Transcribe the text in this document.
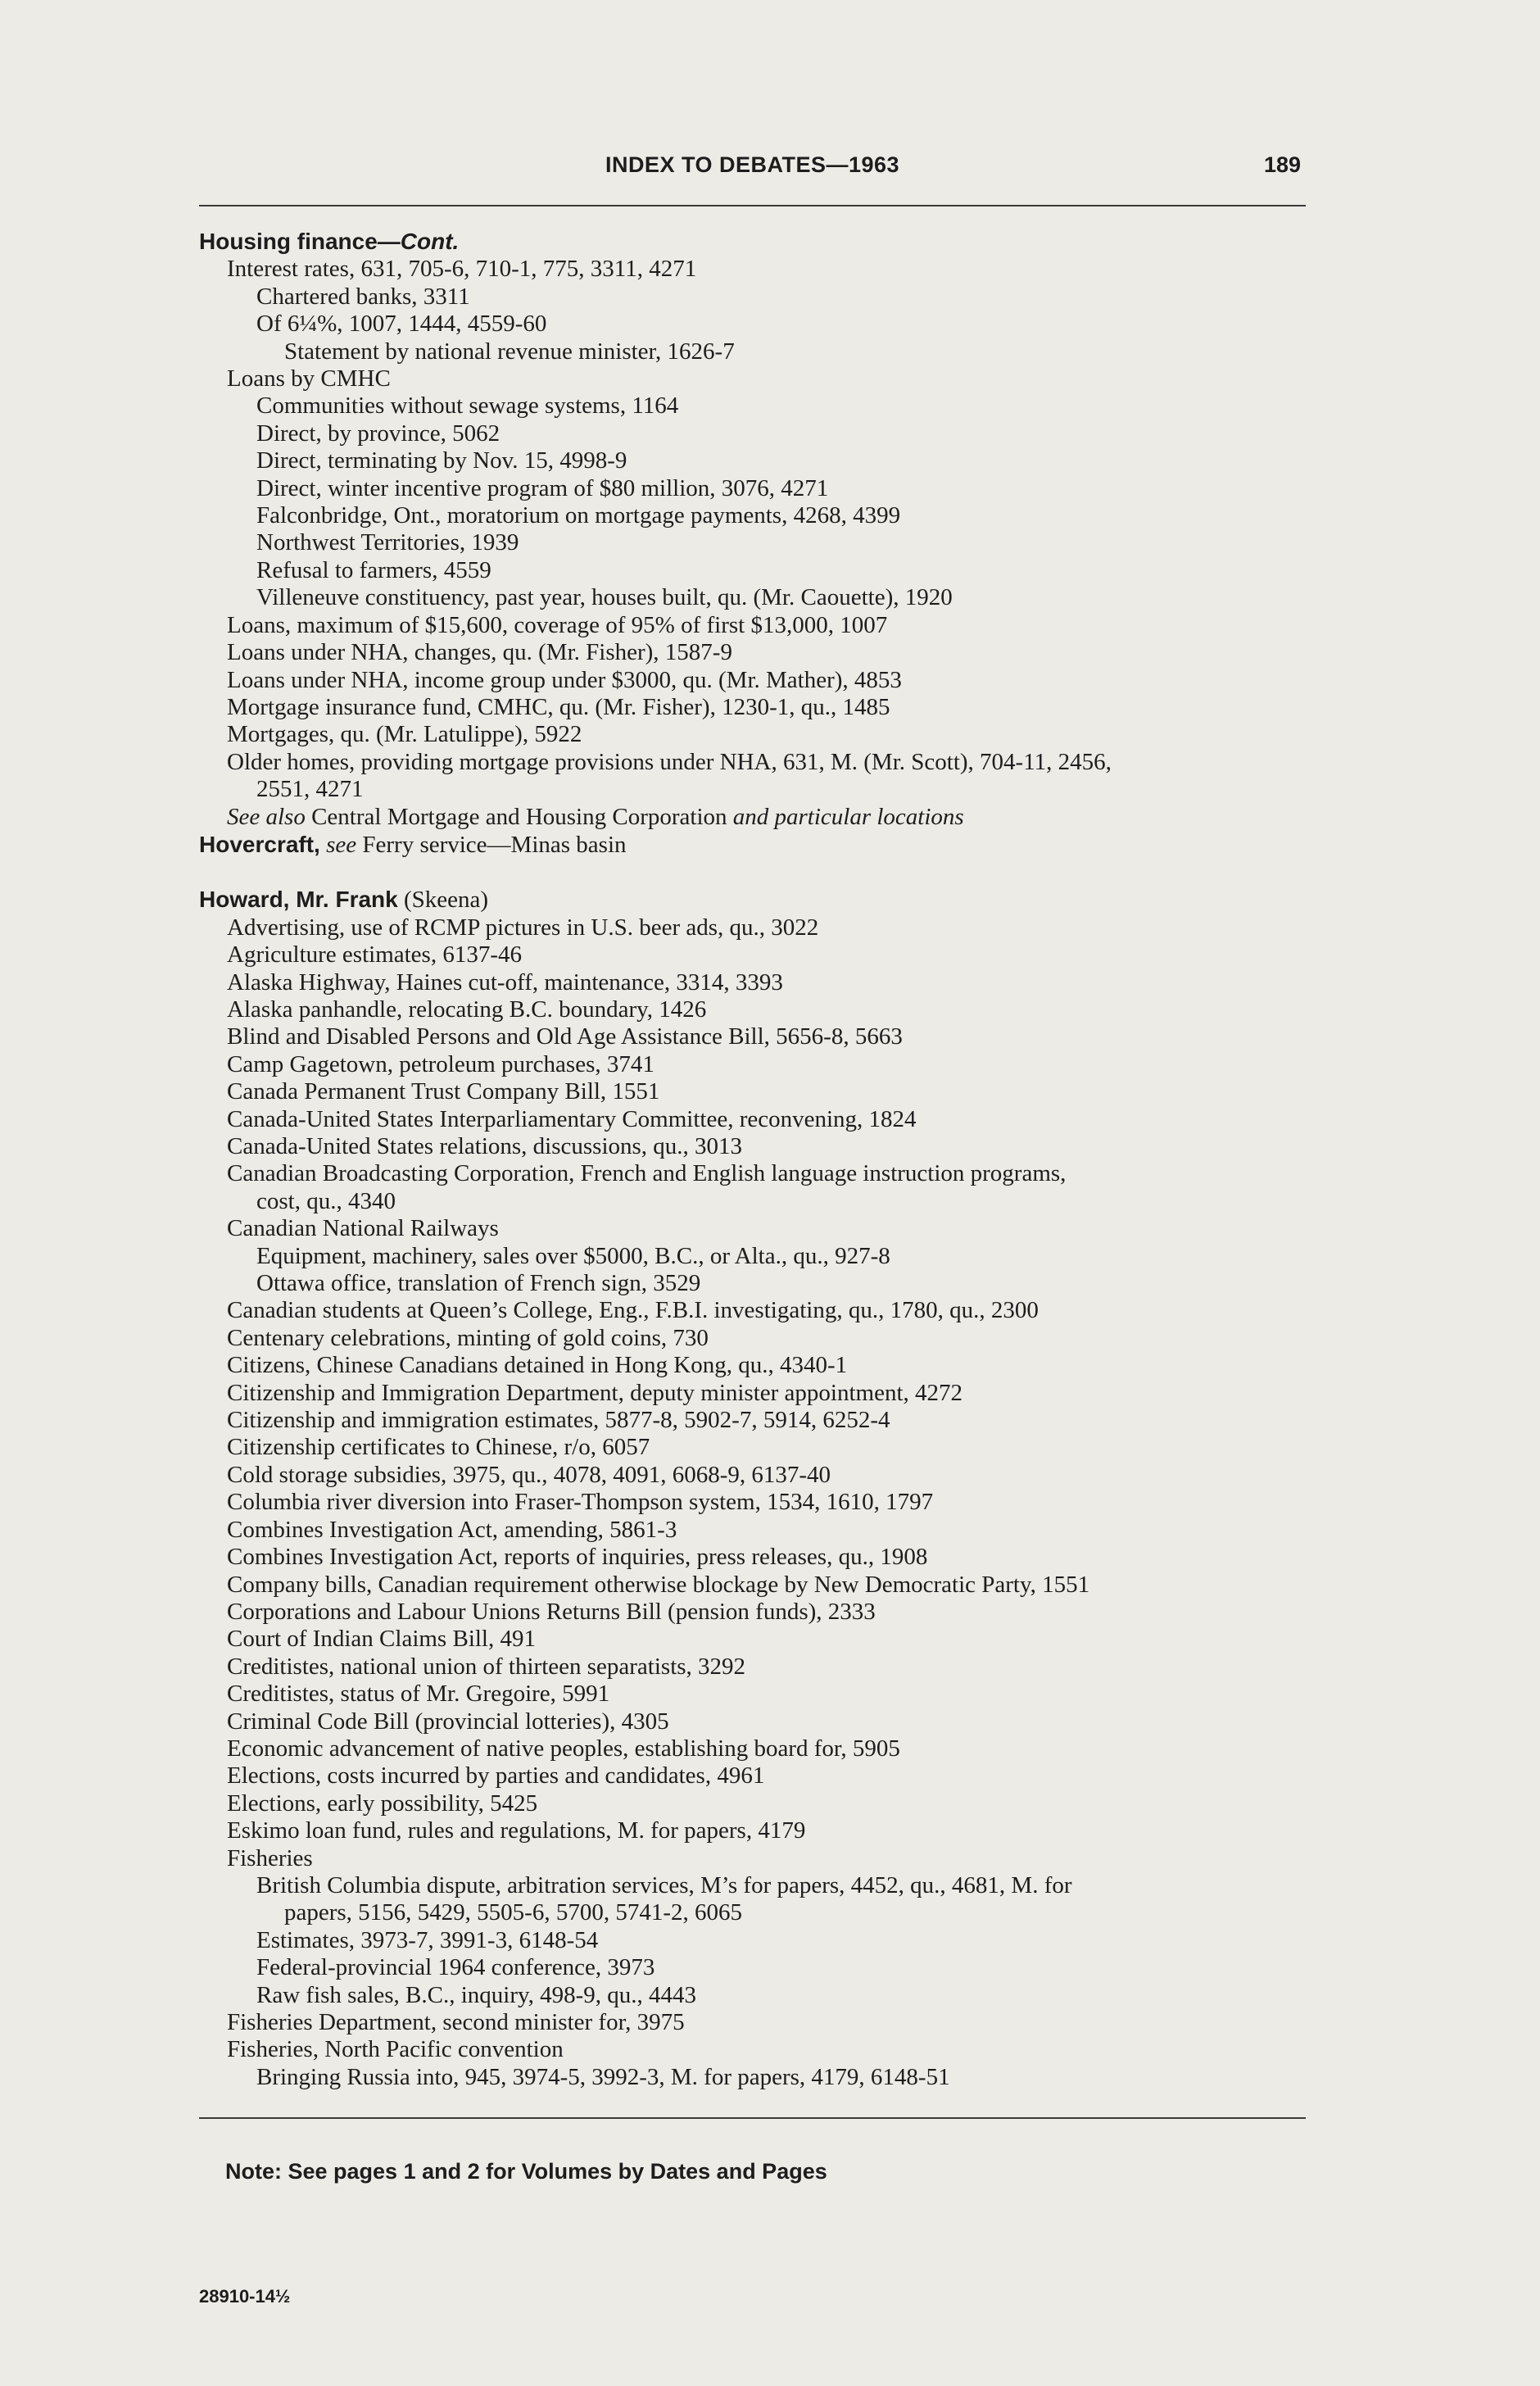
INDEX TO DEBATES—1963	189
Housing finance—Cont.
Interest rates, 631, 705-6, 710-1, 775, 3311, 4271
Chartered banks, 3311
Of 6¼%, 1007, 1444, 4559-60
Statement by national revenue minister, 1626-7
Loans by CMHC
Communities without sewage systems, 1164
Direct, by province, 5062
Direct, terminating by Nov. 15, 4998-9
Direct, winter incentive program of $80 million, 3076, 4271
Falconbridge, Ont., moratorium on mortgage payments, 4268, 4399
Northwest Territories, 1939
Refusal to farmers, 4559
Villeneuve constituency, past year, houses built, qu. (Mr. Caouette), 1920
Loans, maximum of $15,600, coverage of 95% of first $13,000, 1007
Loans under NHA, changes, qu. (Mr. Fisher), 1587-9
Loans under NHA, income group under $3000, qu. (Mr. Mather), 4853
Mortgage insurance fund, CMHC, qu. (Mr. Fisher), 1230-1, qu., 1485
Mortgages, qu. (Mr. Latulippe), 5922
Older homes, providing mortgage provisions under NHA, 631, M. (Mr. Scott), 704-11, 2456,
2551, 4271
See also Central Mortgage and Housing Corporation and particular locations
Hovercraft, see Ferry service—Minas basin
Howard, Mr. Frank (Skeena)
Advertising, use of RCMP pictures in U.S. beer ads, qu., 3022
Agriculture estimates, 6137-46
Alaska Highway, Haines cut-off, maintenance, 3314, 3393
Alaska panhandle, relocating B.C. boundary, 1426
Blind and Disabled Persons and Old Age Assistance Bill, 5656-8, 5663
Camp Gagetown, petroleum purchases, 3741
Canada Permanent Trust Company Bill, 1551
Canada-United States Interparliamentary Committee, reconvening, 1824
Canada-United States relations, discussions, qu., 3013
Canadian Broadcasting Corporation, French and English language instruction programs,
cost, qu., 4340
Canadian National Railways
Equipment, machinery, sales over $5000, B.C., or Alta., qu., 927-8
Ottawa office, translation of French sign, 3529
Canadian students at Queen’s College, Eng., F.B.I. investigating, qu., 1780, qu., 2300
Centenary celebrations, minting of gold coins, 730
Citizens, Chinese Canadians detained in Hong Kong, qu., 4340-1
Citizenship and Immigration Department, deputy minister appointment, 4272
Citizenship and immigration estimates, 5877-8, 5902-7, 5914, 6252-4
Citizenship certificates to Chinese, r/o, 6057
Cold storage subsidies, 3975, qu., 4078, 4091, 6068-9, 6137-40
Columbia river diversion into Fraser-Thompson system, 1534, 1610, 1797
Combines Investigation Act, amending, 5861-3
Combines Investigation Act, reports of inquiries, press releases, qu., 1908
Company bills, Canadian requirement otherwise blockage by New Democratic Party, 1551
Corporations and Labour Unions Returns Bill (pension funds), 2333
Court of Indian Claims Bill, 491
Creditistes, national union of thirteen separatists, 3292
Creditistes, status of Mr. Gregoire, 5991
Criminal Code Bill (provincial lotteries), 4305
Economic advancement of native peoples, establishing board for, 5905
Elections, costs incurred by parties and candidates, 4961
Elections, early possibility, 5425
Eskimo loan fund, rules and regulations, M. for papers, 4179
Fisheries
British Columbia dispute, arbitration services, M’s for papers, 4452, qu., 4681, M. for
papers, 5156, 5429, 5505-6, 5700, 5741-2, 6065
Estimates, 3973-7, 3991-3, 6148-54
Federal-provincial 1964 conference, 3973
Raw fish sales, B.C., inquiry, 498-9, qu., 4443
Fisheries Department, second minister for, 3975
Fisheries, North Pacific convention
Bringing Russia into, 945, 3974-5, 3992-3, M. for papers, 4179, 6148-51
Note: See pages 1 and 2 for Volumes by Dates and Pages
28910-14½
